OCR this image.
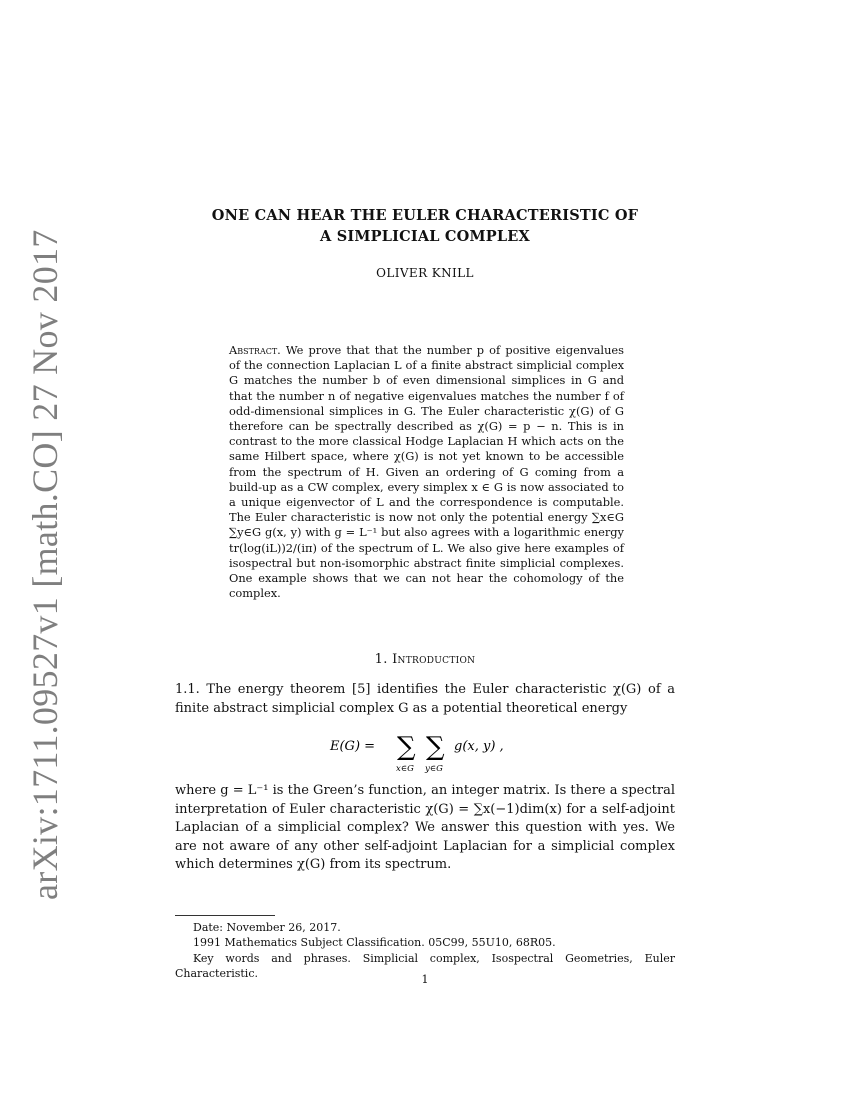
arXiv:1711.09527v1 [math.CO] 27 Nov 2017
ONE CAN HEAR THE EULER CHARACTERISTIC OF
A SIMPLICIAL COMPLEX
OLIVER KNILL
Abstract. We prove that that the number p of positive eigenvalues of the connection Laplacian L of a finite abstract simplicial complex G matches the number b of even dimensional simplices in G and that the number n of negative eigenvalues matches the number f of odd-dimensional simplices in G. The Euler characteristic χ(G) of G therefore can be spectrally described as χ(G) = p − n. This is in contrast to the more classical Hodge Laplacian H which acts on the same Hilbert space, where χ(G) is not yet known to be accessible from the spectrum of H. Given an ordering of G coming from a build-up as a CW complex, every simplex x ∈ G is now associated to a unique eigenvector of L and the correspondence is computable. The Euler characteristic is now not only the potential energy ∑x∈G ∑y∈G g(x, y) with g = L⁻¹ but also agrees with a logarithmic energy tr(log(iL))2/(iπ) of the spectrum of L. We also give here examples of isospectral but non-isomorphic abstract finite simplicial complexes. One example shows that we can not hear the cohomology of the complex.
1. Introduction
1.1. The energy theorem [5] identifies the Euler characteristic χ(G) of a finite abstract simplicial complex G as a potential theoretical energy
E(G) = ∑ ∑
x∈G y∈G
g(x, y) ,
where g = L⁻¹ is the Green’s function, an integer matrix. Is there a spectral interpretation of Euler characteristic χ(G) = ∑x(−1)dim(x) for a self-adjoint Laplacian of a simplicial complex? We answer this question with yes. We are not aware of any other self-adjoint Laplacian for a simplicial complex which determines χ(G) from its spectrum.
Date: November 26, 2017.
1991 Mathematics Subject Classification. 05C99, 55U10, 68R05.
Key words and phrases. Simplicial complex, Isospectral Geometries, Euler Characteristic.	1
